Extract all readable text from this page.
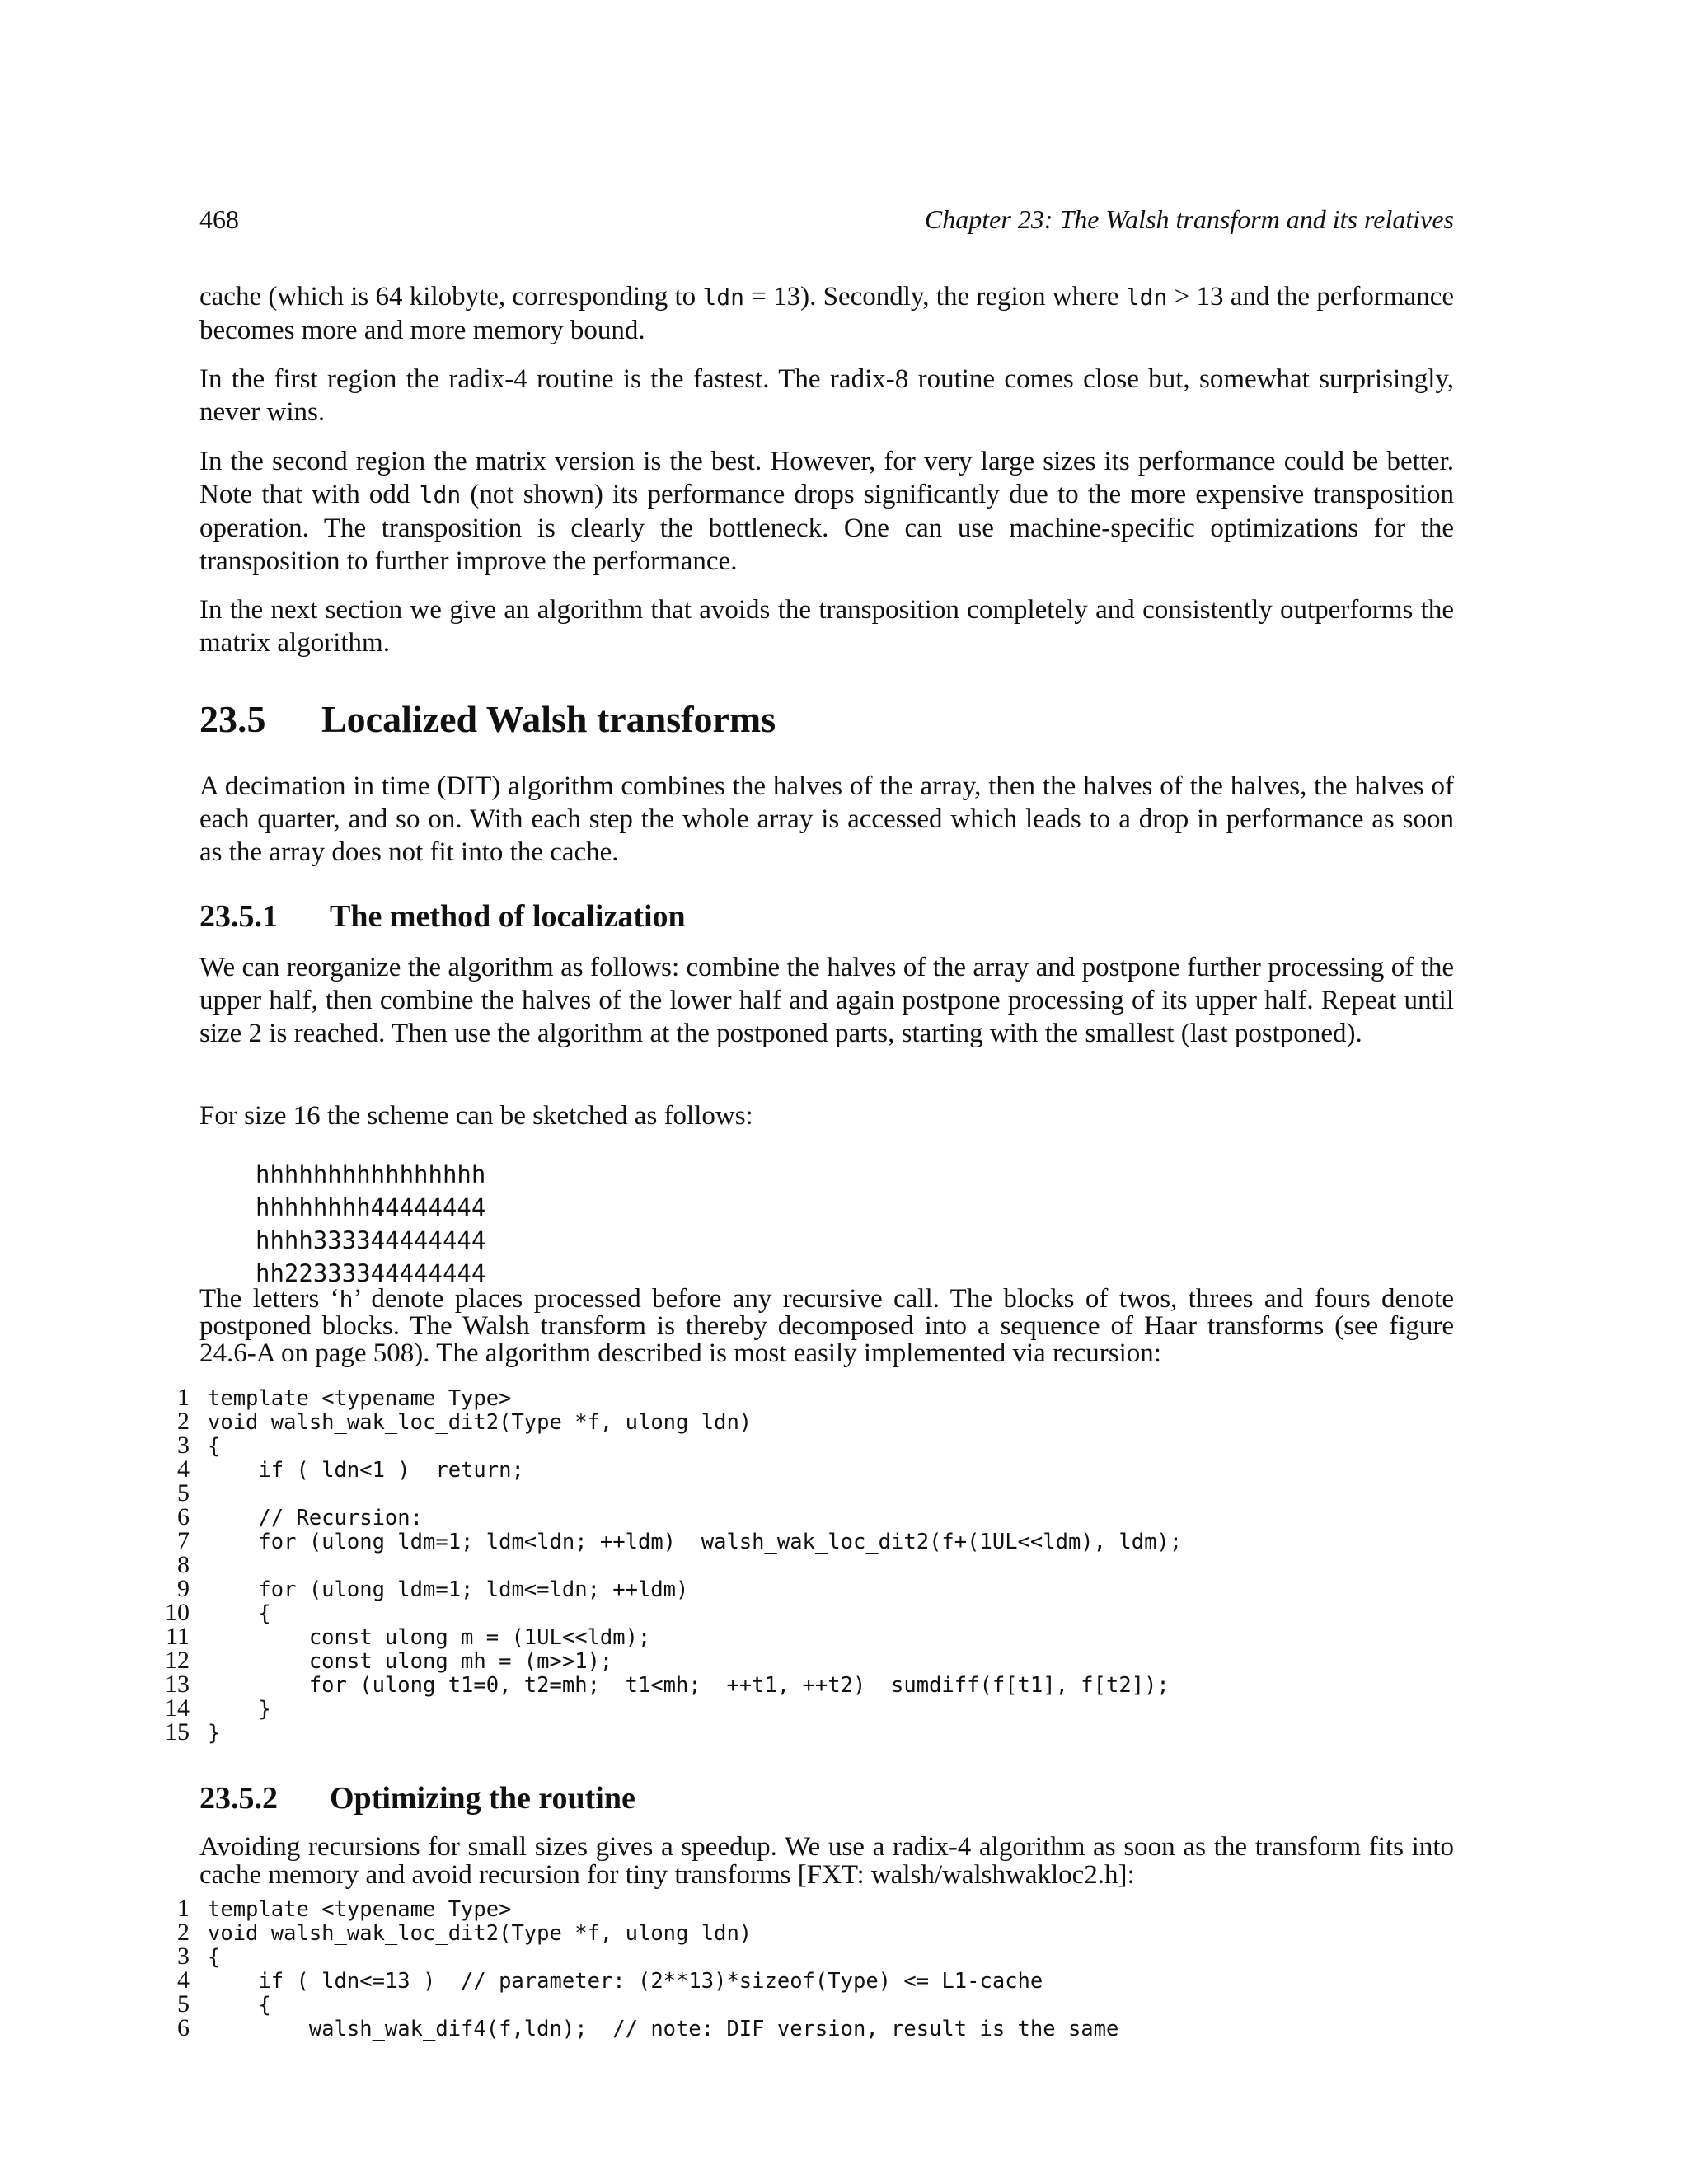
468	Chapter 23: The Walsh transform and its relatives

cache (which is 64 kilobyte, corresponding to ldn = 13). Secondly, the region where ldn > 13 and the performance becomes more and more memory bound.

In the first region the radix-4 routine is the fastest. The radix-8 routine comes close but, somewhat surprisingly, never wins.

In the second region the matrix version is the best. However, for very large sizes its performance could be better. Note that with odd ldn (not shown) its performance drops significantly due to the more expensive transposition operation. The transposition is clearly the bottleneck. One can use machine-specific optimizations for the transposition to further improve the performance.

In the next section we give an algorithm that avoids the transposition completely and consistently outperforms the matrix algorithm.

23.5 Localized Walsh transforms

A decimation in time (DIT) algorithm combines the halves of the array, then the halves of the halves, the halves of each quarter, and so on. With each step the whole array is accessed which leads to a drop in performance as soon as the array does not fit into the cache.

23.5.1 The method of localization

We can reorganize the algorithm as follows: combine the halves of the array and postpone further processing of the upper half, then combine the halves of the lower half and again postpone processing of its upper half. Repeat until size 2 is reached. Then use the algorithm at the postponed parts, starting with the smallest (last postponed).

For size 16 the scheme can be sketched as follows:

hhhhhhhhhhhhhhhh
hhhhhhhh44444444
hhhh333344444444
hh22333344444444

The letters ‘h’ denote places processed before any recursive call. The blocks of twos, threes and fours denote postponed blocks. The Walsh transform is thereby decomposed into a sequence of Haar transforms (see figure 24.6-A on page 508). The algorithm described is most easily implemented via recursion:

1 template <typename Type>
2 void walsh_wak_loc_dit2(Type *f, ulong ldn)
3 {
4 if ( ldn<1 )  return;
5
6 // Recursion:
7 for (ulong ldm=1; ldm<ldn; ++ldm)  walsh_wak_loc_dit2(f+(1UL<<ldm), ldm);
8
9 for (ulong ldm=1; ldm<=ldn; ++ldm)
10 {
11 const ulong m = (1UL<<ldm);
12 const ulong mh = (m>>1);
13 for (ulong t1=0, t2=mh;  t1<mh;  ++t1, ++t2)  sumdiff(f[t1], f[t2]);
14 }
15 }
23.5.2 Optimizing the routine

Avoiding recursions for small sizes gives a speedup. We use a radix-4 algorithm as soon as the transform fits into cache memory and avoid recursion for tiny transforms [FXT: walsh/walshwakloc2.h]:

1 template <typename Type>
2 void walsh_wak_loc_dit2(Type *f, ulong ldn)
3 {
4 if ( ldn<=13 )  // parameter: (2**13)*sizeof(Type) <= L1-cache
5 {
6 walsh_wak_dif4(f,ldn);  // note: DIF version, result is the same
